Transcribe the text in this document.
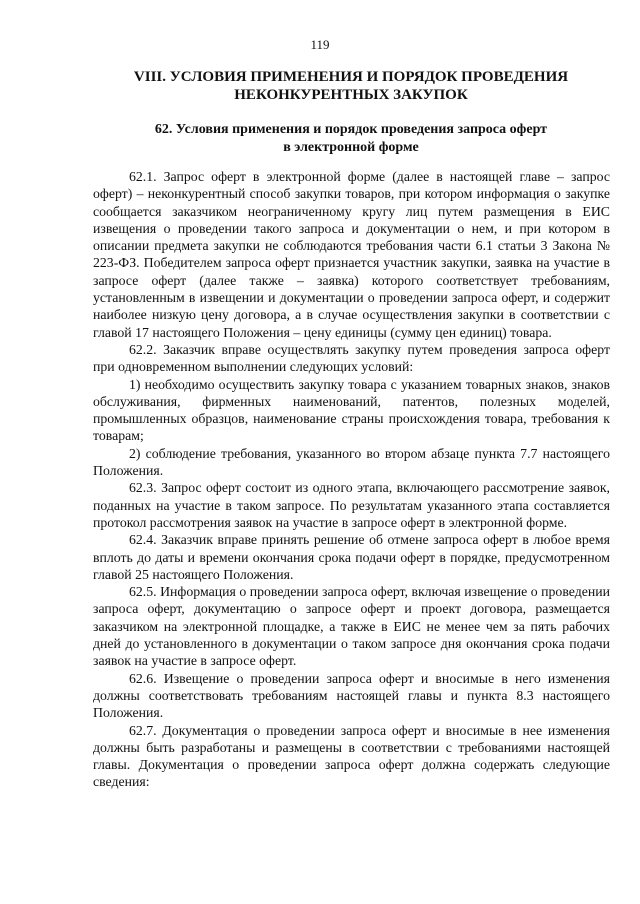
119
VIII. УСЛОВИЯ ПРИМЕНЕНИЯ И ПОРЯДОК ПРОВЕДЕНИЯ
НЕКОНКУРЕНТНЫХ ЗАКУПОК
62. Условия применения и порядок проведения запроса оферт
в электронной форме

62.1. Запрос оферт в электронной форме (далее в настоящей главе – запрос оферт) – неконкурентный способ закупки товаров, при котором информация о закупке сообщается заказчиком неограниченному кругу лиц путем размещения в ЕИС извещения о проведении такого запроса и документации о нем, и при котором в описании предмета закупки не соблюдаются требования части 6.1 статьи 3 Закона № 223-ФЗ. Победителем запроса оферт признается участник закупки, заявка на участие в запросе оферт (далее также – заявка) которого соответствует требованиям, установленным в извещении и документации о проведении запроса оферт, и содержит наиболее низкую цену договора, а в случае осуществления закупки в соответствии с главой 17 настоящего Положения – цену единицы (сумму цен единиц) товара.

62.2. Заказчик вправе осуществлять закупку путем проведения запроса оферт при одновременном выполнении следующих условий:

1) необходимо осуществить закупку товара с указанием товарных знаков, знаков обслуживания, фирменных наименований, патентов, полезных моделей, промышленных образцов, наименование страны происхождения товара, требования к товарам;

2) соблюдение требования, указанного во втором абзаце пункта 7.7 настоящего Положения.

62.3. Запрос оферт состоит из одного этапа, включающего рассмотрение заявок, поданных на участие в таком запросе. По результатам указанного этапа составляется протокол рассмотрения заявок на участие в запросе оферт в электронной форме.

62.4. Заказчик вправе принять решение об отмене запроса оферт в любое время вплоть до даты и времени окончания срока подачи оферт в порядке, предусмотренном главой 25 настоящего Положения.

62.5. Информация о проведении запроса оферт, включая извещение о проведении запроса оферт, документацию о запросе оферт и проект договора, размещается заказчиком на электронной площадке, а также в ЕИС не менее чем за пять рабочих дней до установленного в документации о таком запросе дня окончания срока подачи заявок на участие в запросе оферт.

62.6. Извещение о проведении запроса оферт и вносимые в него изменения должны соответствовать требованиям настоящей главы и пункта 8.3 настоящего Положения.

62.7. Документация о проведении запроса оферт и вносимые в нее изменения должны быть разработаны и размещены в соответствии с требованиями настоящей главы. Документация о проведении запроса оферт должна содержать следующие сведения:
